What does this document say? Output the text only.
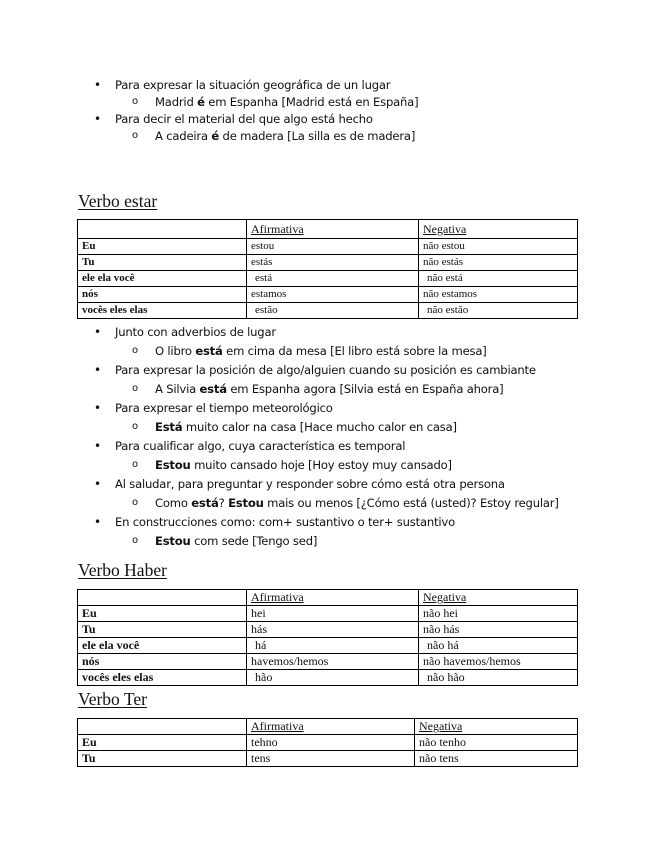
• Para expresar la situación geográfica de un lugar
o Madrid é em Espanha [Madrid está en España]
• Para decir el material del que algo está hecho
o A cadeira é de madera [La silla es de madera]
Verbo estar
	Afirmativa	Negativa
Eu	estou	não estou
Tu	estás	não estás
ele ela você	está	não está
nós	estamos	não estamos
vocês eles elas	estão	não estão
• Junto con adverbios de lugar
o O libro está em cima da mesa [El libro está sobre la mesa]
• Para expresar la posición de algo/alguien cuando su posición es cambiante
o A Silvia está em Espanha agora [Silvia está en España ahora]
• Para expresar el tiempo meteorológico
o Está muito calor na casa [Hace mucho calor en casa]
• Para cualificar algo, cuya característica es temporal
o Estou muito cansado hoje [Hoy estoy muy cansado]
• Al saludar, para preguntar y responder sobre cómo está otra persona
o Como está? Estou mais ou menos [¿Cómo está (usted)? Estoy regular]
• En construcciones como: com+ sustantivo o ter+ sustantivo
o Estou com sede [Tengo sed]
Verbo Haber
	Afirmativa	Negativa
Eu	hei	não hei
Tu	hás	não hás
ele ela você	há	não há
nós	havemos/hemos	não havemos/hemos
vocês eles elas	hão	não hão
Verbo Ter
	Afirmativa	Negativa
Eu	tehno	não tenho
Tu	tens	não tens
